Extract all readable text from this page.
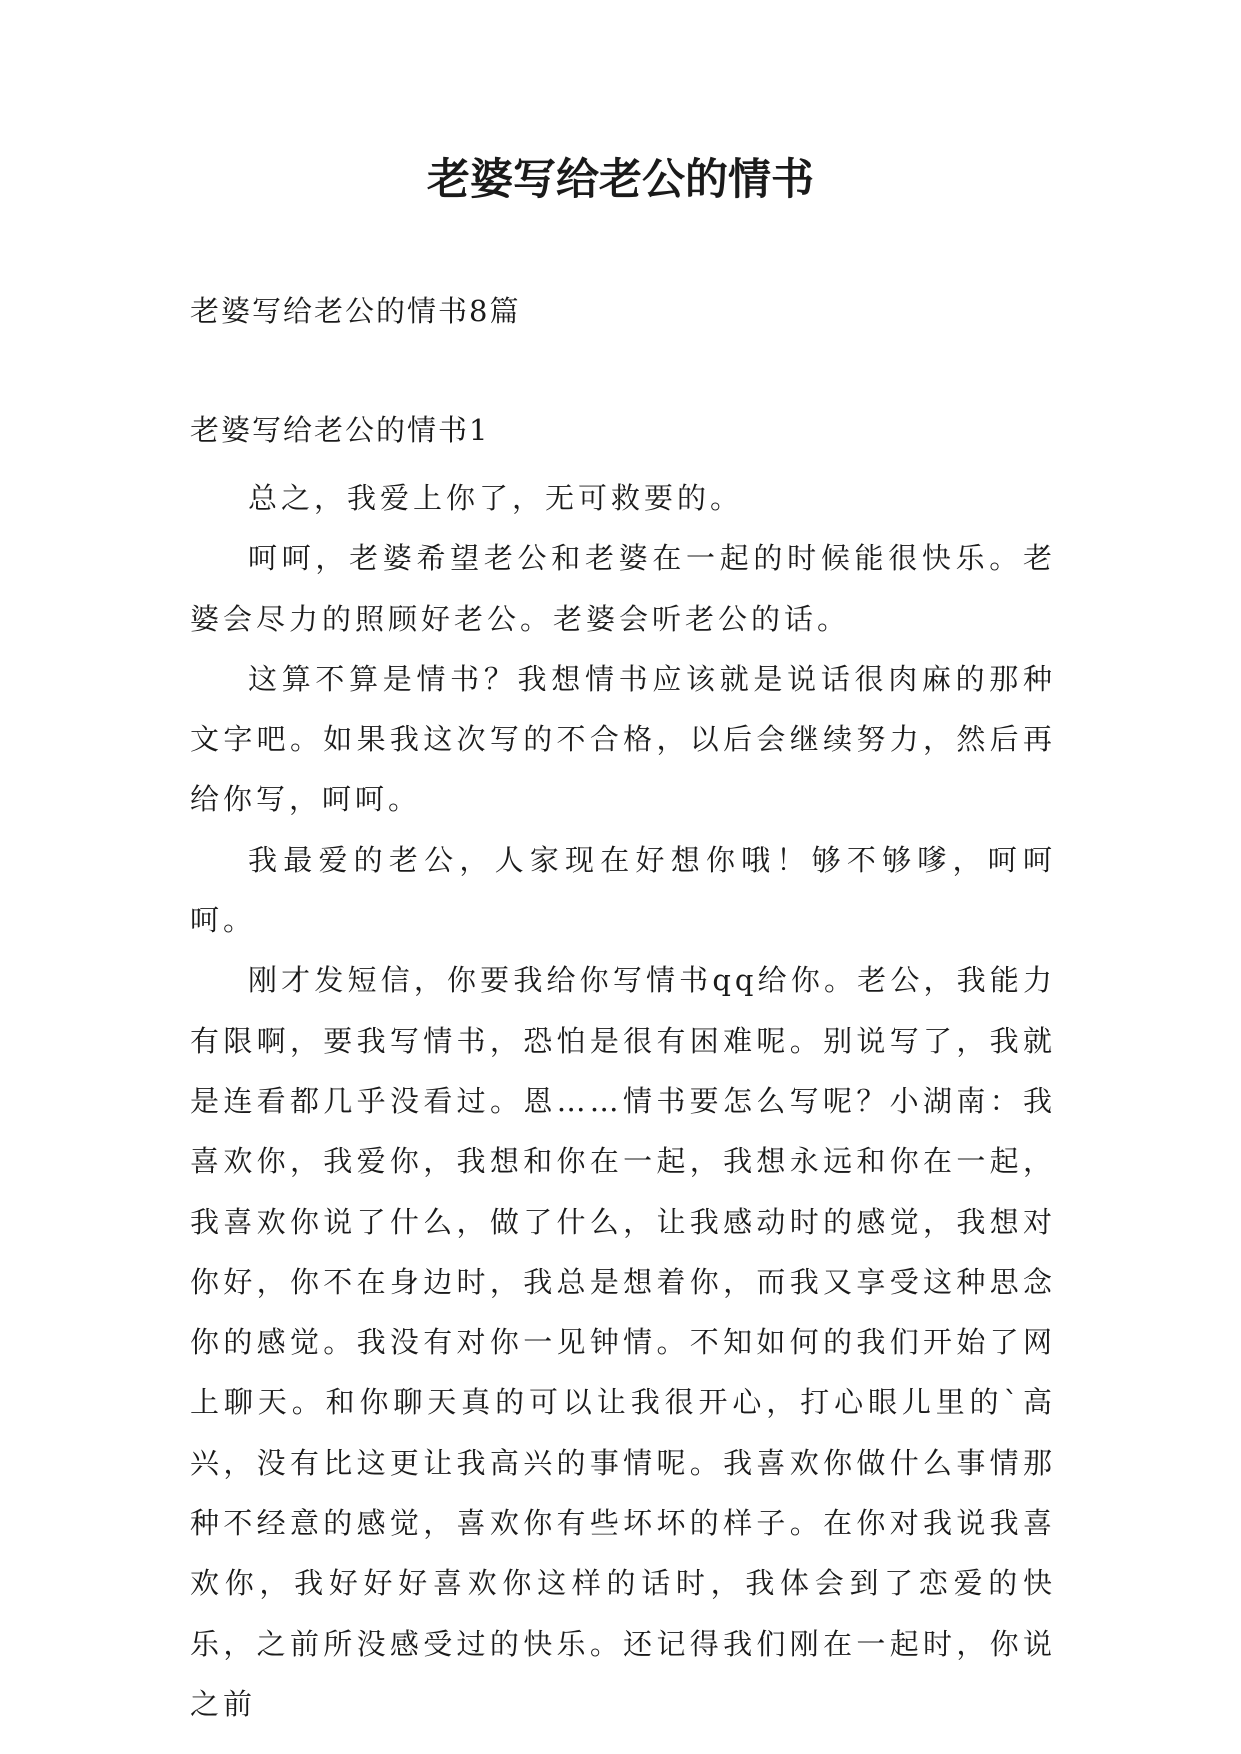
老婆写给老公的情书

老婆写给老公的情书8篇

老婆写给老公的情书1

总之，我爱上你了，无可救要的。

呵呵，老婆希望老公和老婆在一起的时候能很快乐。老婆会尽力的照顾好老公。老婆会听老公的话。

这算不算是情书？我想情书应该就是说话很肉麻的那种文字吧。如果我这次写的不合格，以后会继续努力，然后再给你写，呵呵。

我最爱的老公，人家现在好想你哦！够不够嗲，呵呵呵。

刚才发短信，你要我给你写情书qq给你。老公，我能力有限啊，要我写情书，恐怕是很有困难呢。别说写了，我就是连看都几乎没看过。恩……情书要怎么写呢？小湖南：我喜欢你，我爱你，我想和你在一起，我想永远和你在一起，我喜欢你说了什么，做了什么，让我感动时的感觉，我想对你好，你不在身边时，我总是想着你，而我又享受这种思念你的感觉。我没有对你一见钟情。不知如何的我们开始了网上聊天。和你聊天真的可以让我很开心，打心眼儿里的`高兴，没有比这更让我高兴的事情呢。我喜欢你做什么事情那种不经意的感觉，喜欢你有些坏坏的样子。在你对我说我喜欢你，我好好好喜欢你这样的话时，我体会到了恋爱的快乐，之前所没感受过的快乐。还记得我们刚在一起时，你说之前
